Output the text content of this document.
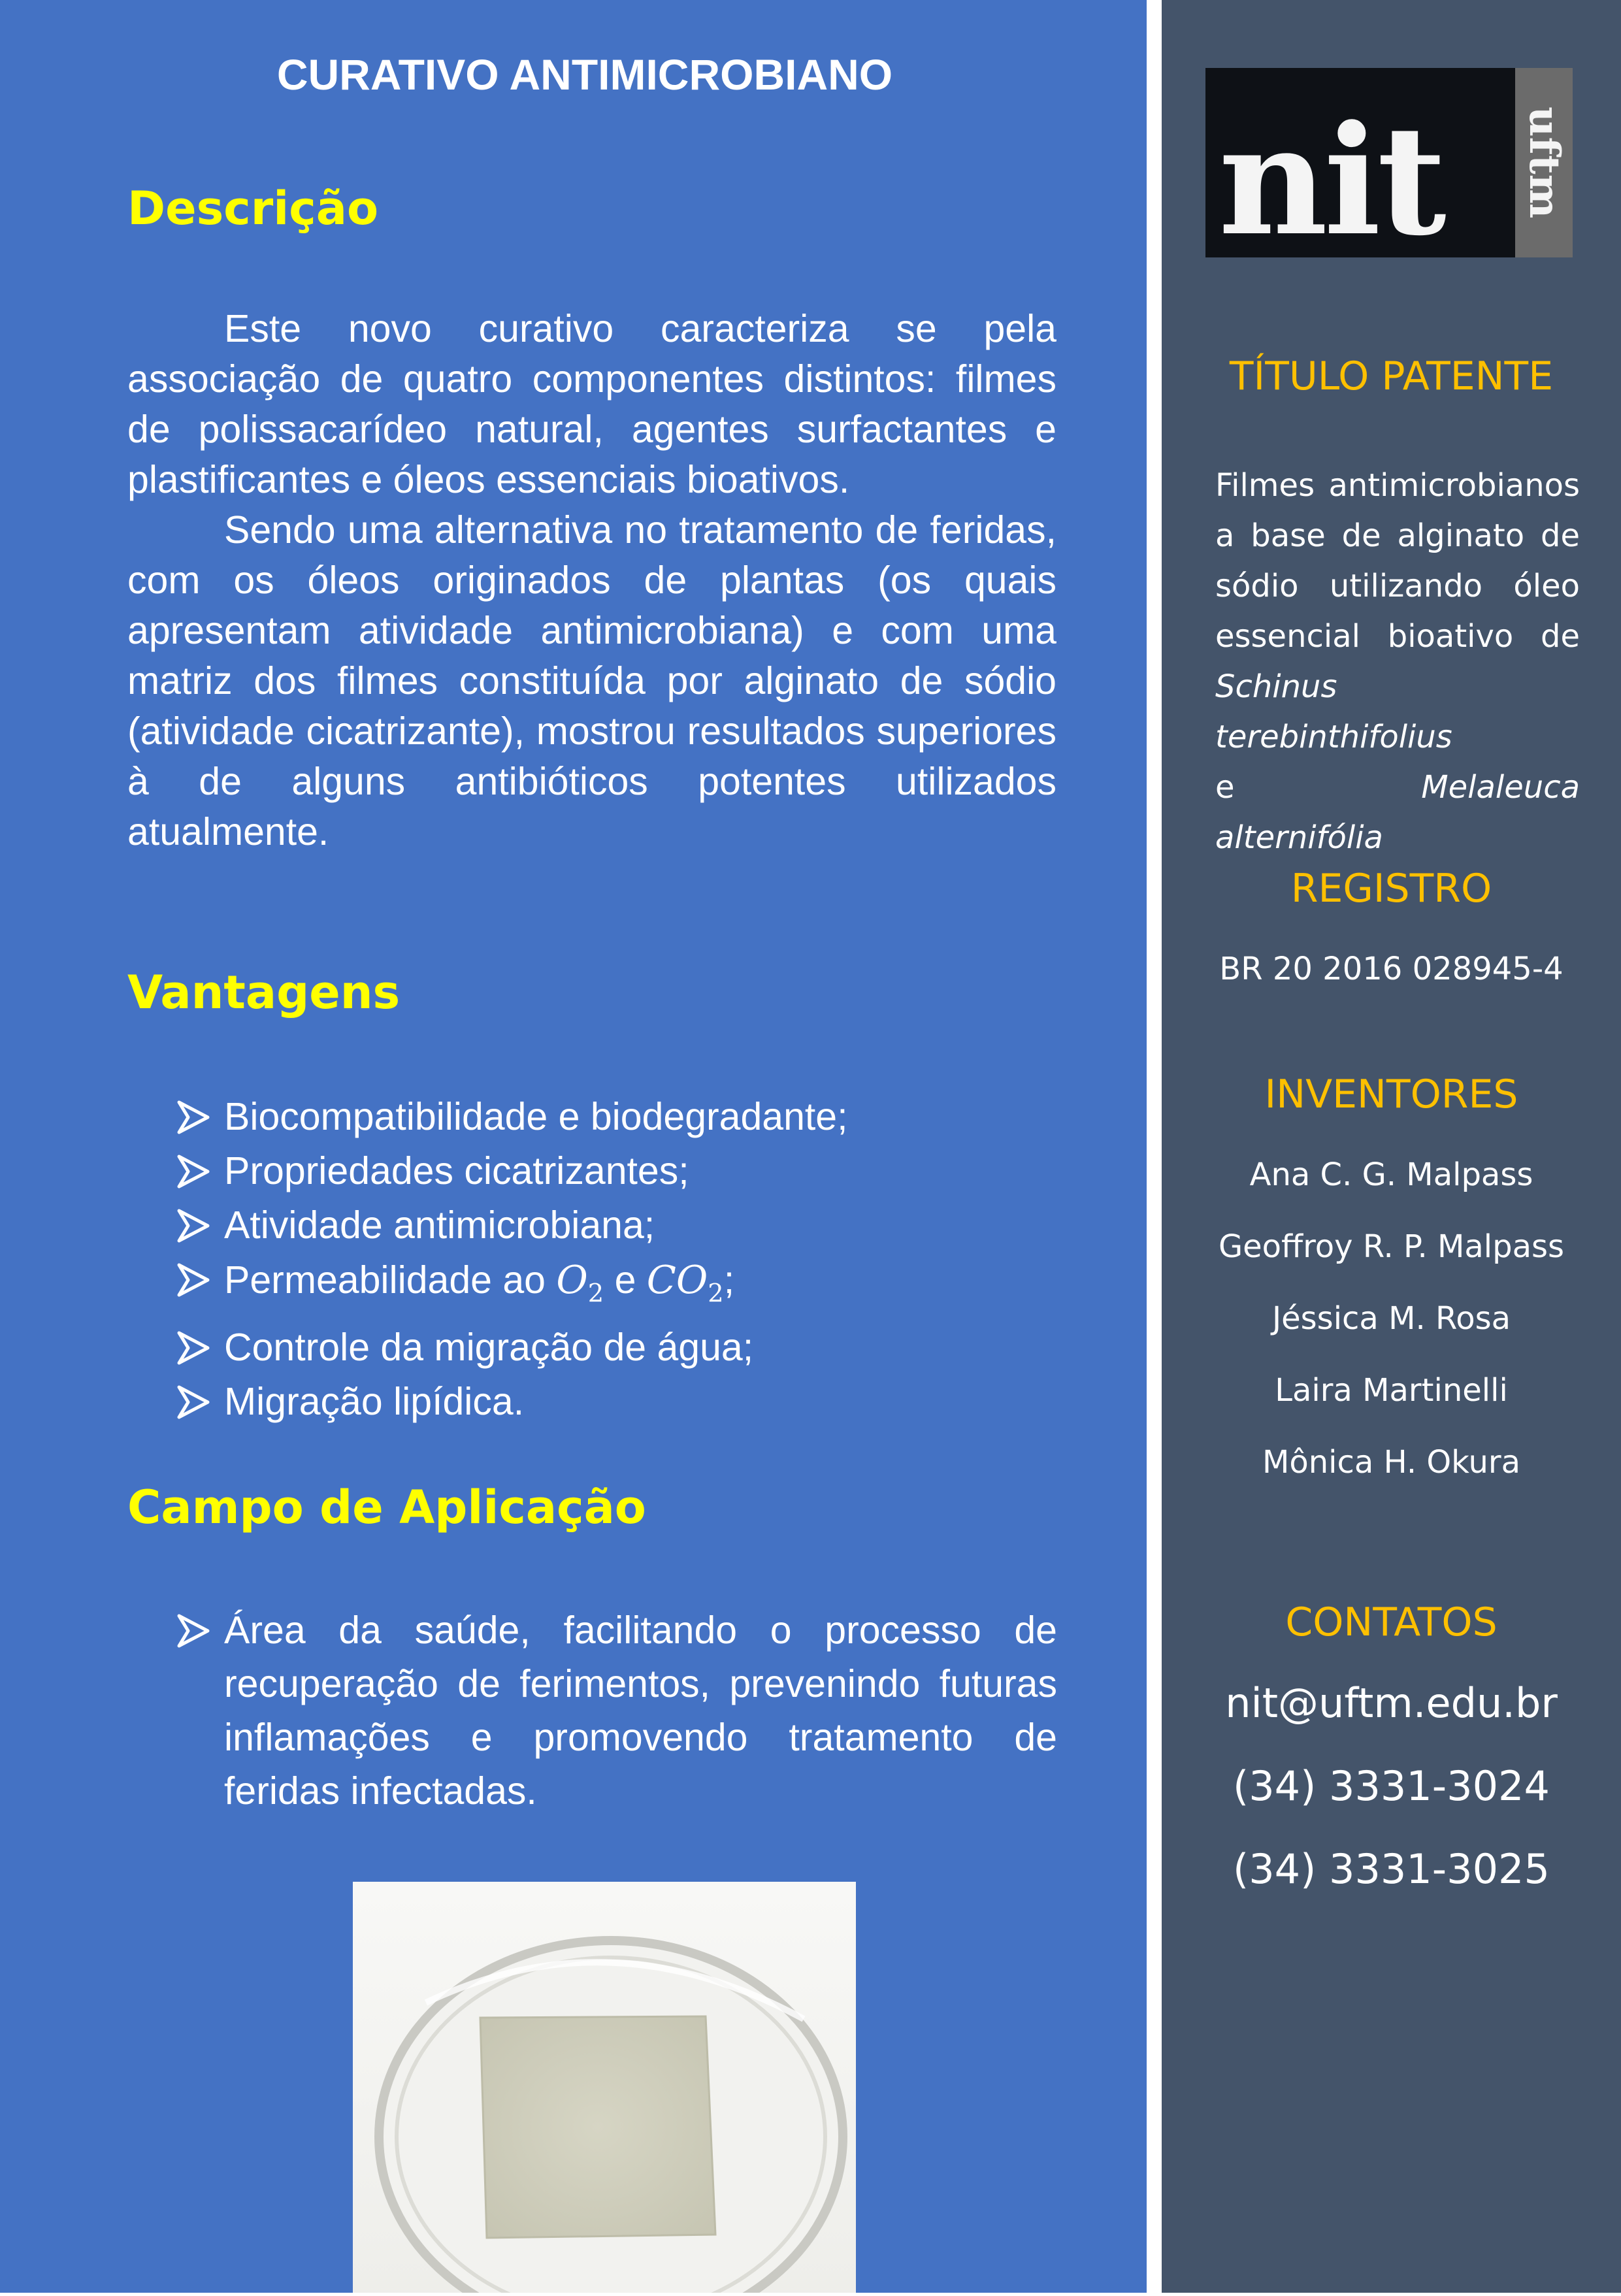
CURATIVO ANTIMICROBIANO
Descrição

Este novo curativo caracteriza se pela associação de quatro componentes distintos: filmes de polissacarídeo natural, agentes surfactantes e plastificantes e óleos essenciais bioativos.

Sendo uma alternativa no tratamento de feridas, com os óleos originados de plantas (os quais apresentam atividade antimicrobiana) e com uma matriz dos filmes constituída por alginato de sódio (atividade cicatrizante), mostrou resultados superiores à de alguns antibióticos potentes utilizados atualmente.

Vantagens
Biocompatibilidade e biodegradante;
Propriedades cicatrizantes;
Atividade antimicrobiana;
Permeabilidade ao $O_2$ e $CO_2$;
Controle da migração de água;
Migração lipídica.
Campo de Aplicação
Área da saúde, facilitando o processo de recuperação de ferimentos, prevenindo futuras inflamações e promovendo tratamento de feridas infectadas.
nit	uftm
TÍTULO PATENTE
Filmes antimicrobianos
a base de alginato de
sódio utilizando óleo
essencial bioativo de
Schinus terebinthifolius
e Melaleuca alternifólia
REGISTRO
BR 20 2016 028945-4
INVENTORES
Ana C. G. Malpass
Geoffroy R. P. Malpass
Jéssica M. Rosa
Laira Martinelli
Mônica H. Okura
CONTATOS
nit@uftm.edu.br
(34) 3331-3024
(34) 3331-3025
